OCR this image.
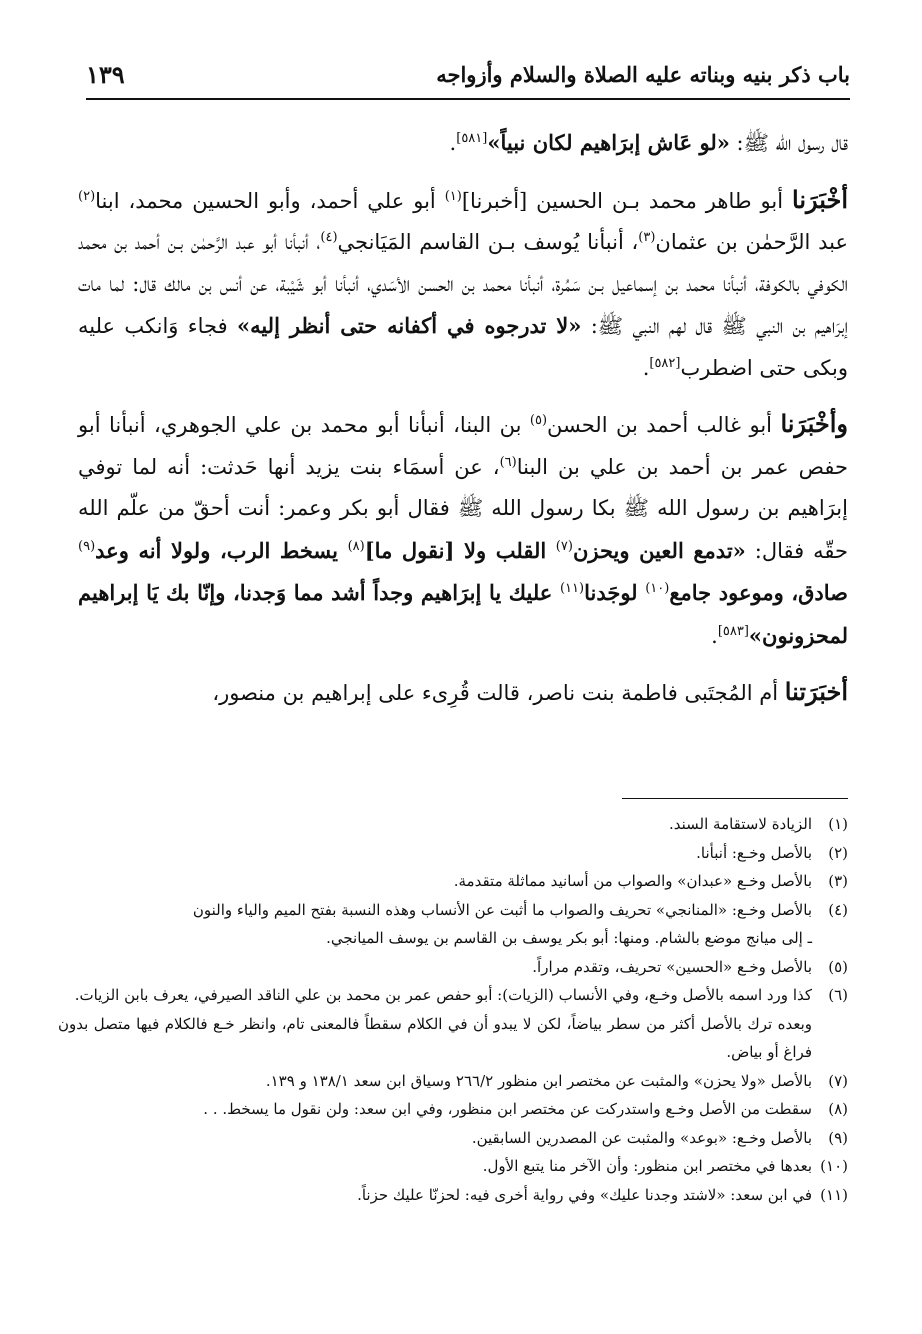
باب ذكر بنيه وبناته عليه الصلاة والسلام وأزواجه
١٣٩

قال رسول الله ﷺ: «لو عَاش إبرَاهيم لكان نبياً»[٥٨١].

أخْبَرَنا أبو طاهر محمد بـن الحسين [أخبرنا]$^{(١)}$ أبو علي أحمد، وأبو الحسين محمد، ابنا$^{(٢)}$ عبد الرَّحمٰن بن عثمان$^{(٣)}$، أنبأنا يُوسف بـن القاسم المَيَانجي$^{(٤)}$، أنبأنا أبو عبد الرَّحمٰن بـن أحمد بن محمد الكوفي بالكوفة، أنبأنا محمد بن إسماعيل بـن سَمُرة، أنبأنا محمد بن الحسن الأسَدي، أنبأنا أبو شَيْبة، عن أنس بن مالك قال: لما مات إبرَاهيم بن النبي ﷺ قال لهم النبي ﷺ: «لا تدرجوه في أكفانه حتى أنظر إليه» فجاء وَانكب عليه وبكى حتى اضطرب[٥٨٢].

وأخْبَرَنا أبو غالب أحمد بن الحسن$^{(٥)}$ بن البنا، أنبأنا أبو محمد بن علي الجوهري، أنبأنا أبو حفص عمر بن أحمد بن علي بن البنا$^{(٦)}$، عن أسمَاء بنت يزيد أنها حَدثت: أنه لما توفي إبرَاهيم بن رسول الله ﷺ بكا رسول الله ﷺ فقال أبو بكر وعمر: أنت أحقّ من علّم الله حقّه فقال: «تدمع العين ويحزن$^{(٧)}$ القلب ولا [نقول ما]$^{(٨)}$ يسخط الرب، ولولا أنه وعد$^{(٩)}$ صادق، وموعود جامع$^{(١٠)}$ لوجَدنا$^{(١١)}$ عليك يا إبرَاهيم وجداً أشد مما وَجدنا، وإنّا بك يَا إبراهيم لمحزونون»[٥٨٣].

أخبَرَتنا أم المُجتَبى فاطمة بنت ناصر، قالت قُرِىء على إبراهيم بن منصور،

(١)
الزيادة لاستقامة السند.
(٢)
بالأصل وخـع: أنبأنا.
(٣)
بالأصل وخـع «عبدان» والصواب من أسانيد مماثلة متقدمة.
(٤)
بالأصل وخـع: «المنانجي» تحريف والصواب ما أثبت عن الأنساب وهذه النسبة بفتح الميم والياء والنون
ـ إلى ميانج موضع بالشام. ومنها: أبو بكر يوسف بن القاسم بن يوسف الميانجي.
(٥)
بالأصل وخـع «الحسين» تحريف، وتقدم مراراً.
(٦)
كذا ورد اسمه بالأصل وخـع، وفي الأنساب (الزيات): أبو حفص عمر بن محمد بن علي الناقد الصيرفي، يعرف بابن الزيات.
وبعده ترك بالأصل أكثر من سطر بياضاً، لكن لا يبدو أن في الكلام سقطاً فالمعنى تام، وانظر خـع فالكلام فيها متصل بدون فراغ أو بياض.
(٧)
بالأصل «ولا يحزن» والمثبت عن مختصر ابن منظور ٢٦٦/٢ وسياق ابن سعد ١٣٨/١ و ١٣٩.
(٨)
سقطت من الأصل وخـع واستدركت عن مختصر ابن منظور، وفي ابن سعد: ولن نقول ما يسخط. . .
(٩)
بالأصل وخـع: «بوعد» والمثبت عن المصدرين السابقين.
(١٠)
بعدها في مختصر ابن منظور: وأن الآخر منا يتبع الأول.
(١١)
في ابن سعد: «لاشتد وجدنا عليك» وفي رواية أخرى فيه: لحزنّا عليك حزناً.
